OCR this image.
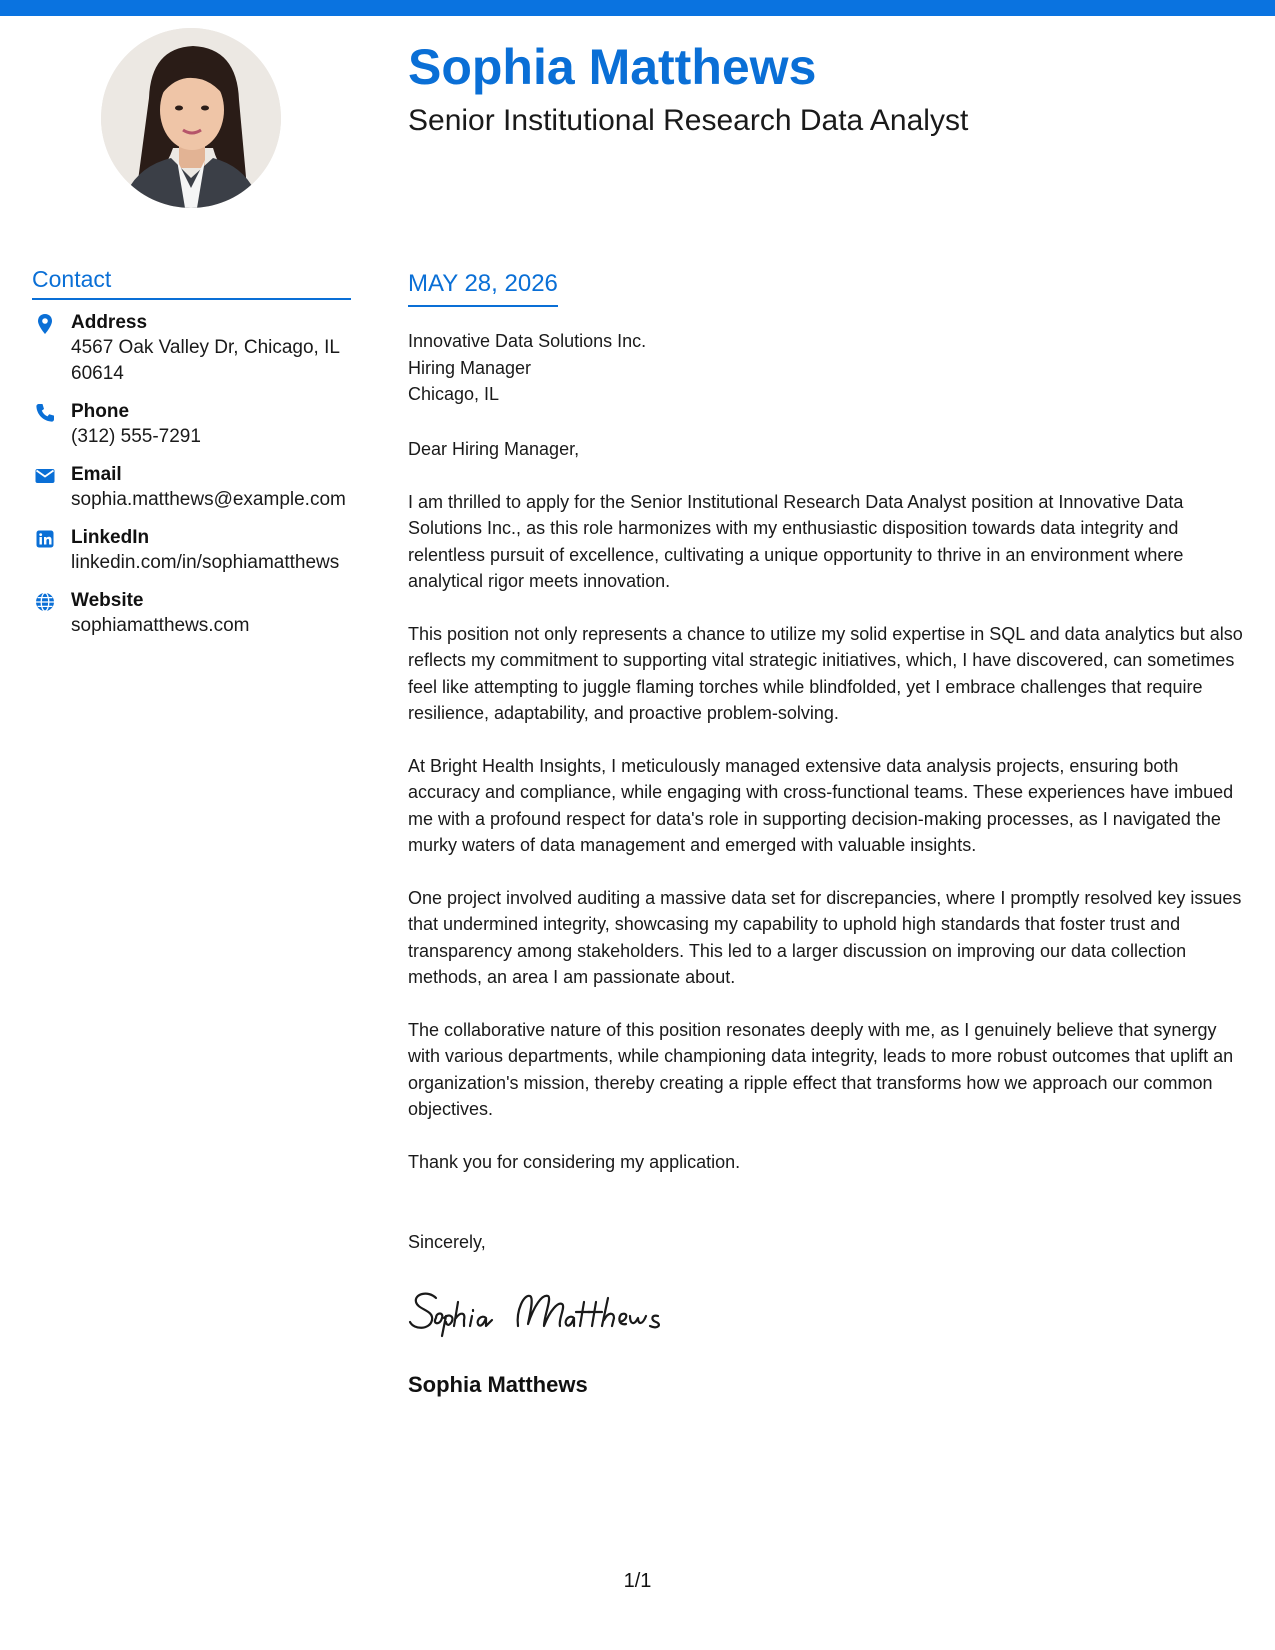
Sophia Matthews
Senior Institutional Research Data Analyst
Contact
Address
4567 Oak Valley Dr, Chicago, IL 60614
Phone
(312) 555-7291
Email
sophia.matthews@example.com
LinkedIn
linkedin.com/in/sophiamatthews
Website
sophiamatthews.com
MAY 28, 2026
Innovative Data Solutions Inc.
Hiring Manager
Chicago, IL
Dear Hiring Manager,
I am thrilled to apply for the Senior Institutional Research Data Analyst position at Innovative Data Solutions Inc., as this role harmonizes with my enthusiastic disposition towards data integrity and relentless pursuit of excellence, cultivating a unique opportunity to thrive in an environment where analytical rigor meets innovation.
This position not only represents a chance to utilize my solid expertise in SQL and data analytics but also reflects my commitment to supporting vital strategic initiatives, which, I have discovered, can sometimes feel like attempting to juggle flaming torches while blindfolded, yet I embrace challenges that require resilience, adaptability, and proactive problem-solving.
At Bright Health Insights, I meticulously managed extensive data analysis projects, ensuring both accuracy and compliance, while engaging with cross-functional teams. These experiences have imbued me with a profound respect for data's role in supporting decision-making processes, as I navigated the murky waters of data management and emerged with valuable insights.
One project involved auditing a massive data set for discrepancies, where I promptly resolved key issues that undermined integrity, showcasing my capability to uphold high standards that foster trust and transparency among stakeholders. This led to a larger discussion on improving our data collection methods, an area I am passionate about.
The collaborative nature of this position resonates deeply with me, as I genuinely believe that synergy with various departments, while championing data integrity, leads to more robust outcomes that uplift an organization's mission, thereby creating a ripple effect that transforms how we approach our common objectives.
Thank you for considering my application.
Sincerely,
Sophia Matthews
1/1
